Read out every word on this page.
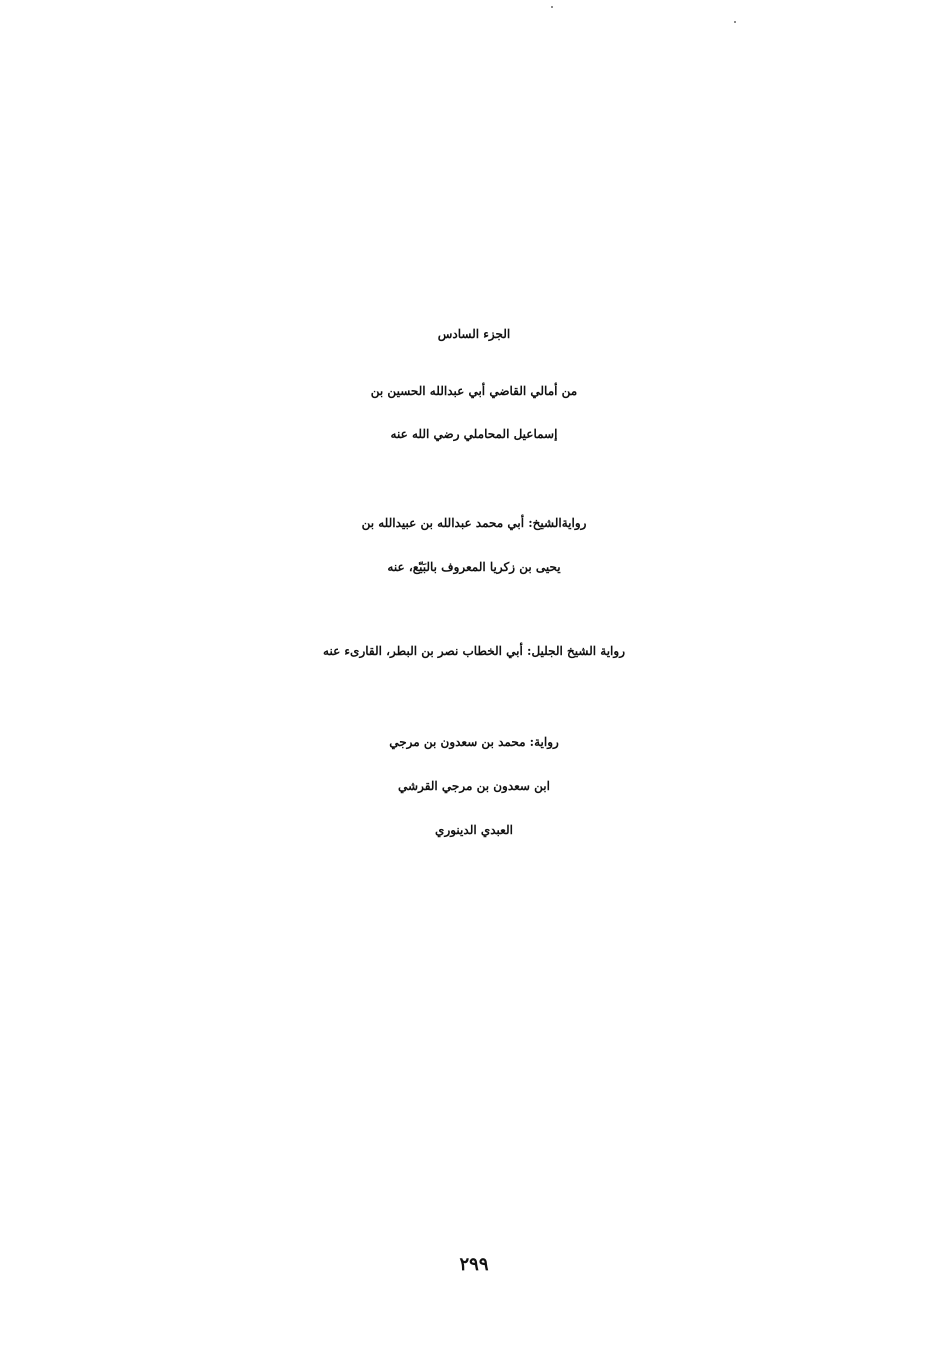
الجزء السادس
من أمالي القاضي أبي عبدالله الحسين بن
إسماعيل المحاملي رضي الله عنه
روايةالشيخ: أبي محمد عبدالله بن عبيدالله بن
يحيى بن زكريا المعروف بالبَيّع، عنه
رواية الشيخ الجليل: أبي الخطاب نصر بن البطر، القارىء عنه
رواية: محمد بن سعدون بن مرجي
ابن سعدون بن مرجي القرشي
العبدي الدينوري
٢٩٩
